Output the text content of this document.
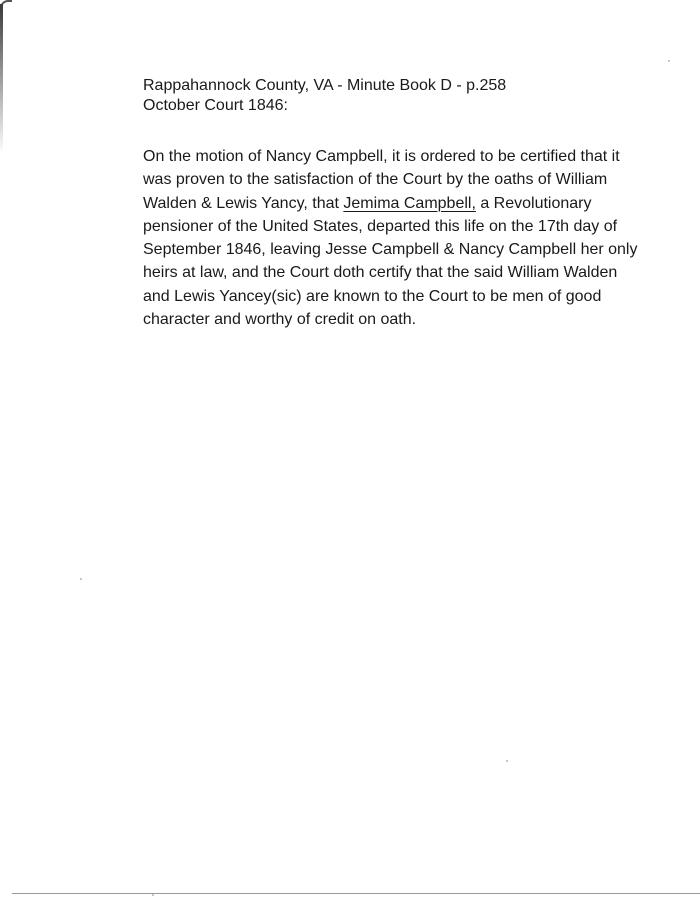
Rappahannock County, VA - Minute Book D - p.258
October Court 1846:
On the motion of Nancy Campbell, it is ordered to be certified that it
was proven to the satisfaction of the Court by the oaths of William
Walden & Lewis Yancy, that Jemima Campbell, a Revolutionary
pensioner of the United States, departed this life on the 17th day of
September 1846, leaving Jesse Campbell & Nancy Campbell her only
heirs at law, and the Court doth certify that the said William Walden
and Lewis Yancey(sic) are known to the Court to be men of good
character and worthy of credit on oath.
